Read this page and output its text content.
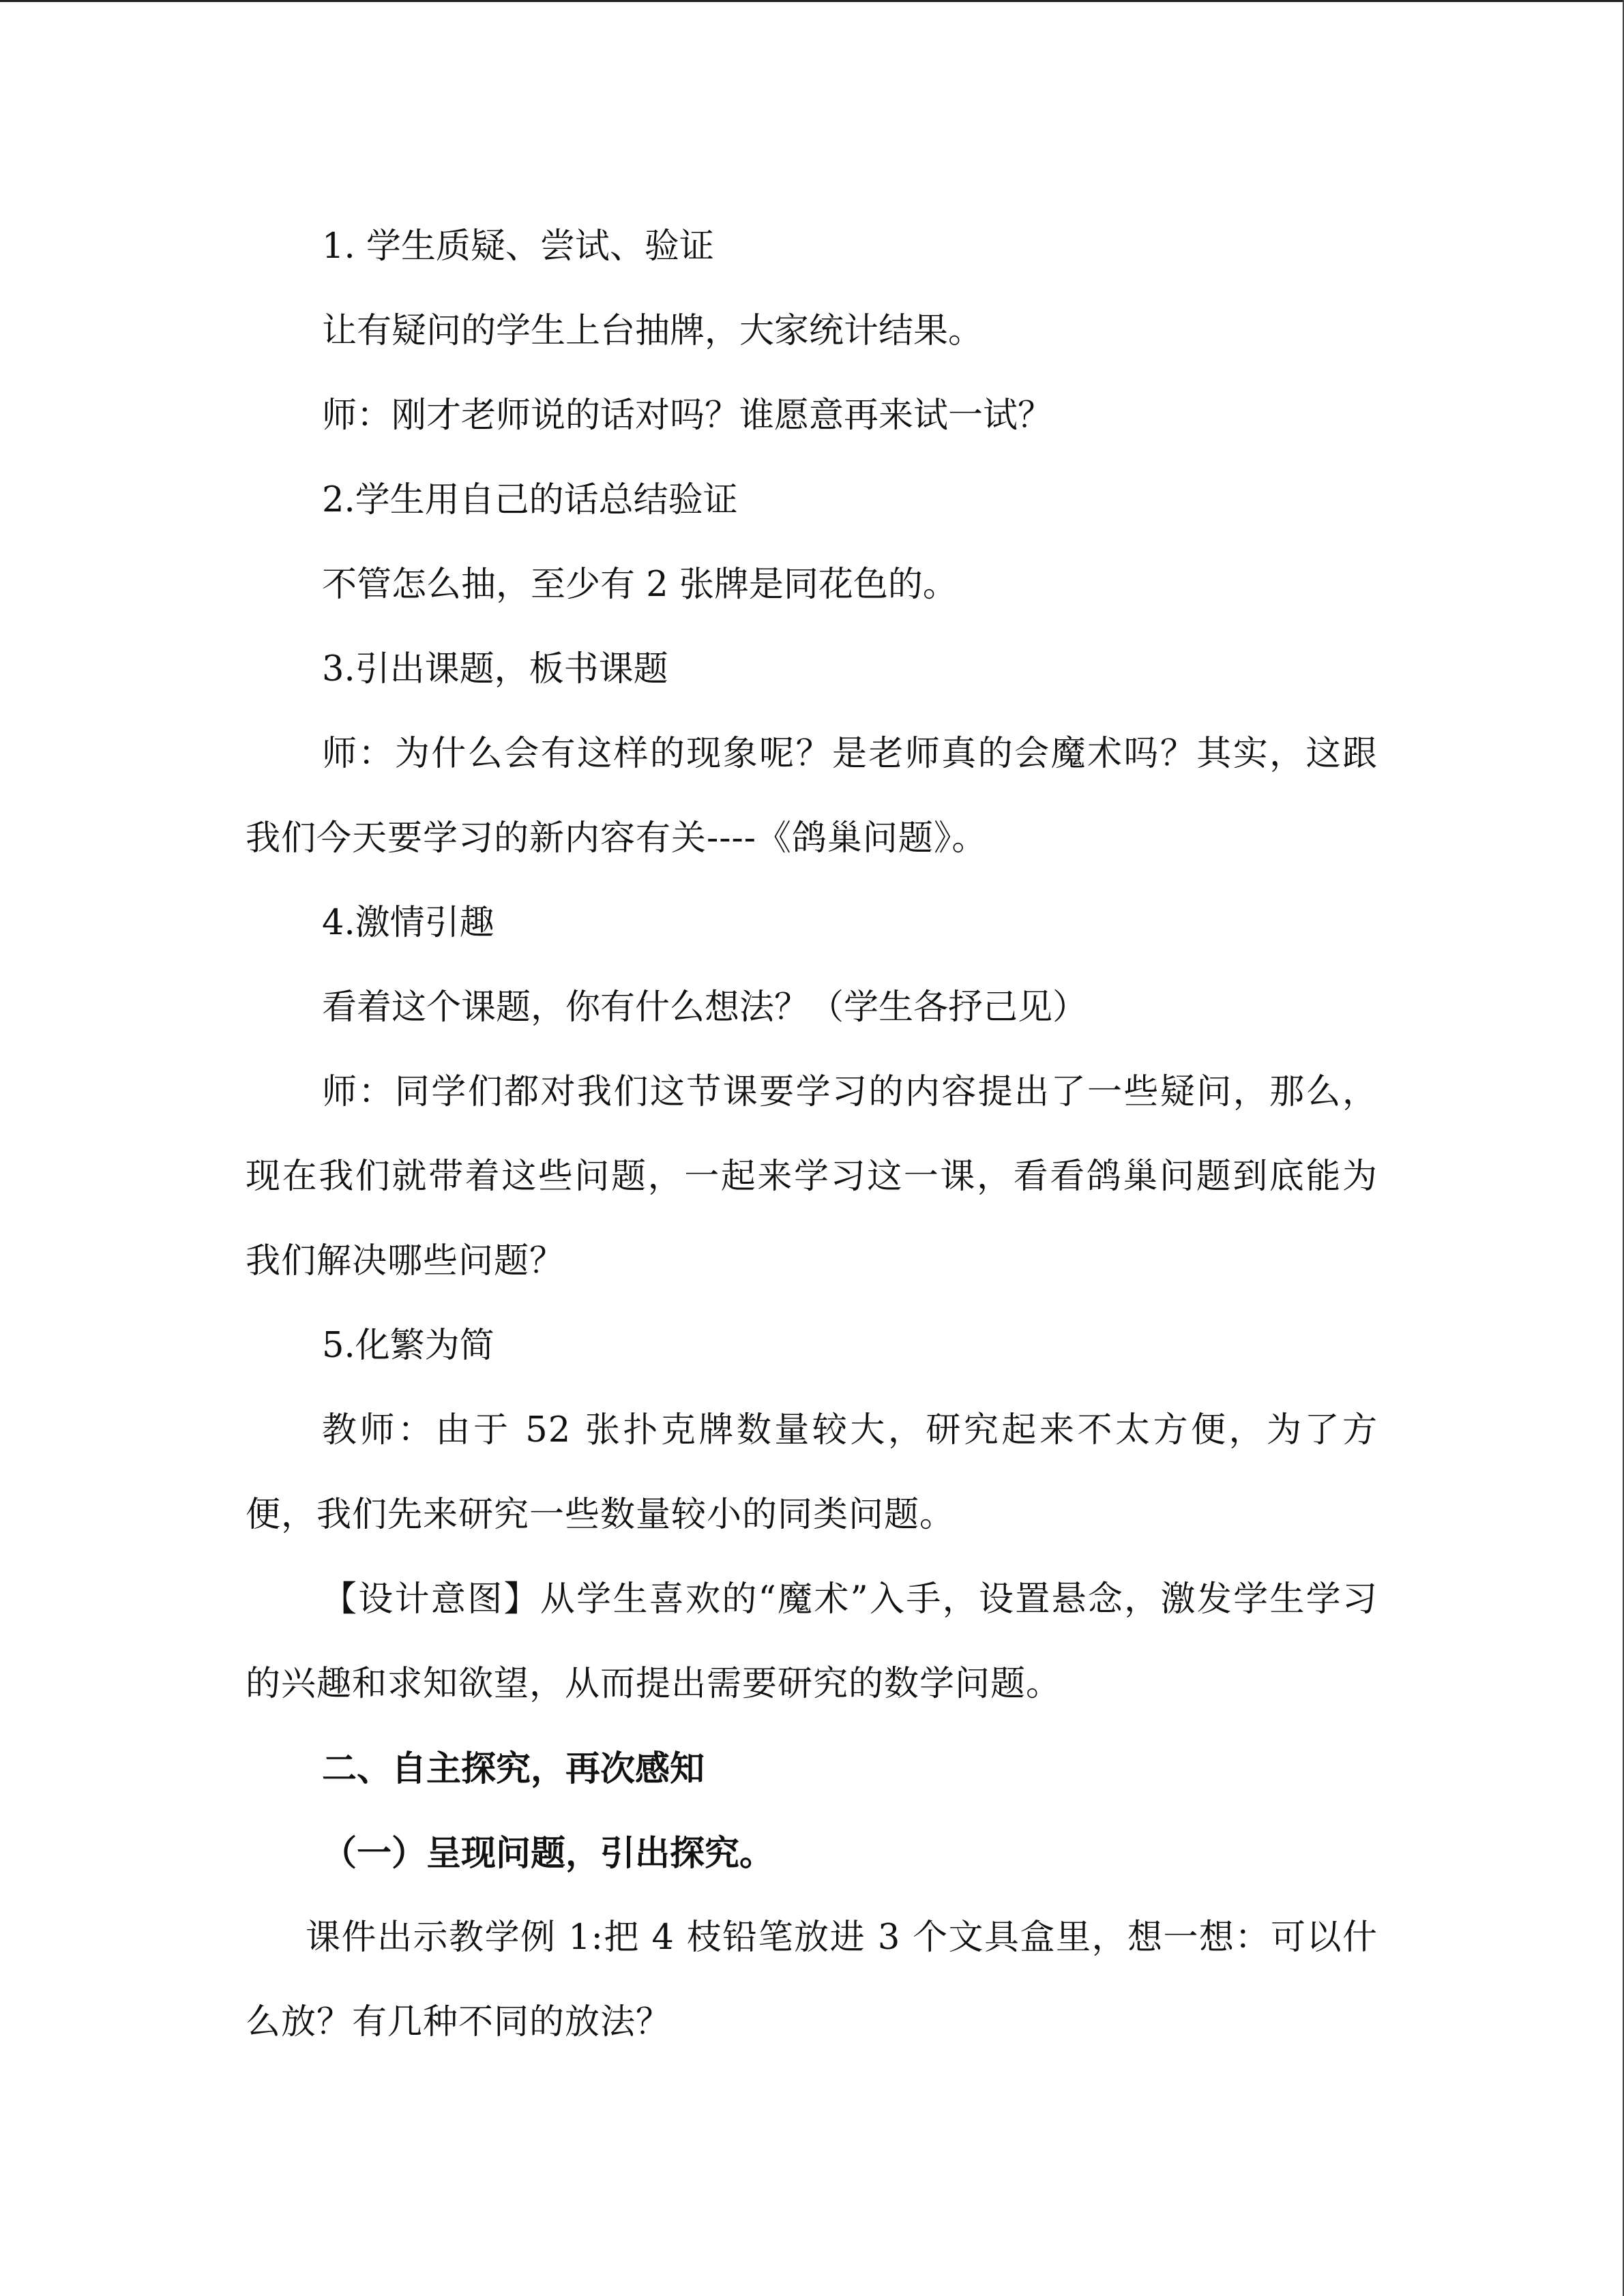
1. 学生质疑、尝试、验证

让有疑问的学生上台抽牌，大家统计结果。

师：刚才老师说的话对吗？谁愿意再来试一试？

2.学生用自己的话总结验证

不管怎么抽，至少有 2 张牌是同花色的。

3.引出课题，板书课题

师：为什么会有这样的现象呢？是老师真的会魔术吗？其实，这跟我们今天要学习的新内容有关----《鸽巢问题》。

4.激情引趣

看着这个课题，你有什么想法？（学生各抒己见）

师：同学们都对我们这节课要学习的内容提出了一些疑问，那么，现在我们就带着这些问题，一起来学习这一课，看看鸽巢问题到底能为我们解决哪些问题？

5.化繁为简

教师：由于 52 张扑克牌数量较大，研究起来不太方便，为了方便，我们先来研究一些数量较小的同类问题。

【设计意图】从学生喜欢的“魔术”入手，设置悬念，激发学生学习的兴趣和求知欲望，从而提出需要研究的数学问题。

二、自主探究，再次感知

（一）呈现问题，引出探究。

课件出示教学例 1:把 4 枝铅笔放进 3 个文具盒里，想一想：可以什么放？有几种不同的放法？
